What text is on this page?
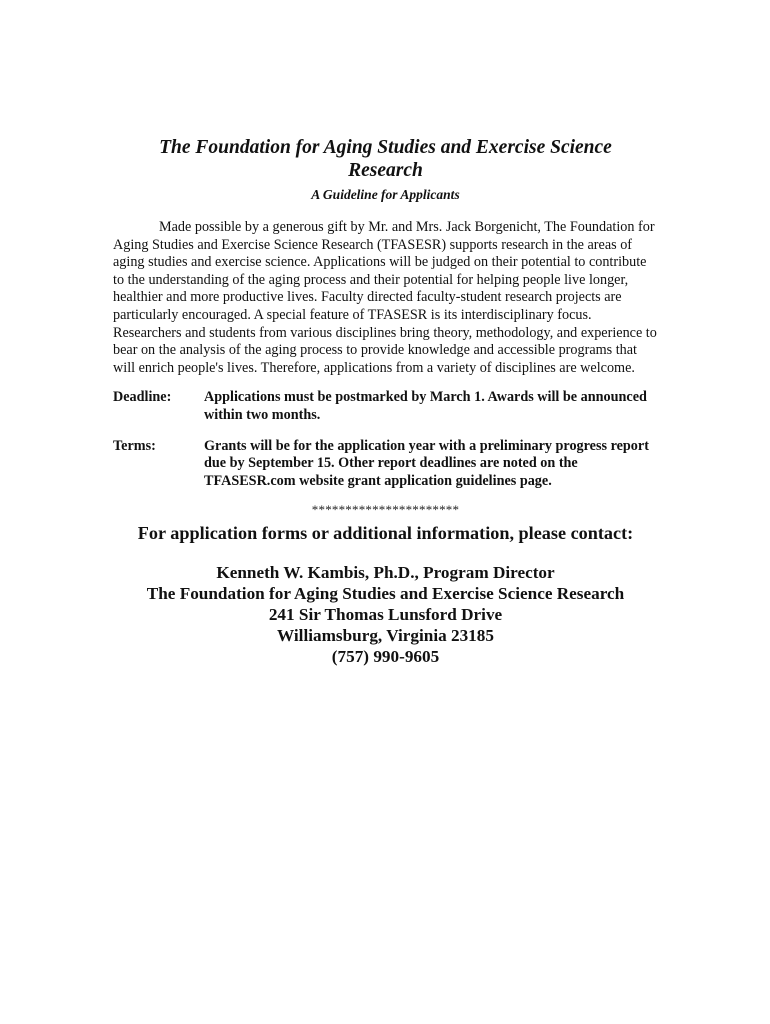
The Foundation for Aging Studies and Exercise Science
Research

A Guideline for Applicants

Made possible by a generous gift by Mr. and Mrs. Jack Borgenicht, The Foundation for Aging Studies and Exercise Science Research (TFASESR) supports research in the areas of aging studies and exercise science. Applications will be judged on their potential to contribute to the understanding of the aging process and their potential for helping people live longer, healthier and more productive lives. Faculty directed faculty-student research projects are particularly encouraged. A special feature of TFASESR is its interdisciplinary focus. Researchers and students from various disciplines bring theory, methodology, and experience to bear on the analysis of the aging process to provide knowledge and accessible programs that will enrich people's lives. Therefore, applications from a variety of disciplines are welcome.

Deadline:	Applications must be postmarked by March 1. Awards will be announced within two months.
Terms:	Grants will be for the application year with a preliminary progress report due by September 15. Other report deadlines are noted on the TFASESR.com website grant application guidelines page.
**********************
For application forms or additional information, please contact:
Kenneth W. Kambis, Ph.D., Program Director
The Foundation for Aging Studies and Exercise Science Research
241 Sir Thomas Lunsford Drive
Williamsburg, Virginia 23185
(757) 990-9605
